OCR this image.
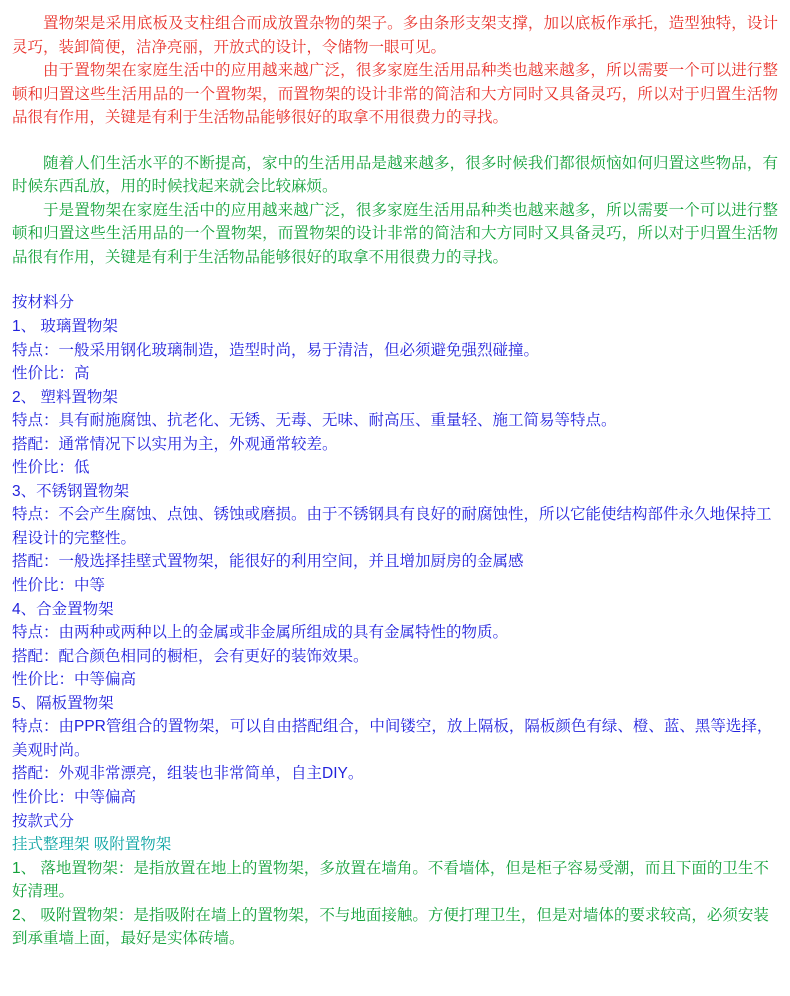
置物架是采用底板及支柱组合而成放置杂物的架子。多由条形支架支撑，加以底板作承托，造型独特，设计灵巧，装卸简便，洁净亮丽，开放式的设计，令储物一眼可见。

由于置物架在家庭生活中的应用越来越广泛，很多家庭生活用品种类也越来越多，所以需要一个可以进行整顿和归置这些生活用品的一个置物架，而置物架的设计非常的简洁和大方同时又具备灵巧，所以对于归置生活物品很有作用，关键是有利于生活物品能够很好的取拿不用很费力的寻找。

随着人们生活水平的不断提高，家中的生活用品是越来越多，很多时候我们都很烦恼如何归置这些物品，有时候东西乱放，用的时候找起来就会比较麻烦。

于是置物架在家庭生活中的应用越来越广泛，很多家庭生活用品种类也越来越多，所以需要一个可以进行整顿和归置这些生活用品的一个置物架，而置物架的设计非常的简洁和大方同时又具备灵巧，所以对于归置生活物品很有作用，关键是有利于生活物品能够很好的取拿不用很费力的寻找。

按材料分

1、 玻璃置物架

特点：一般采用钢化玻璃制造，造型时尚，易于清洁，但必须避免强烈碰撞。

性价比：高

2、 塑料置物架

特点：具有耐施腐蚀、抗老化、无锈、无毒、无味、耐高压、重量轻、施工简易等特点。

搭配：通常情况下以实用为主，外观通常较差。

性价比：低

3、不锈钢置物架

特点：不会产生腐蚀、点蚀、锈蚀或磨损。由于不锈钢具有良好的耐腐蚀性，所以它能使结构部件永久地保持工程设计的完整性。

搭配：一般选择挂壁式置物架，能很好的利用空间，并且增加厨房的金属感

性价比：中等

4、合金置物架

特点：由两种或两种以上的金属或非金属所组成的具有金属特性的物质。

搭配：配合颜色相同的橱柜，会有更好的装饰效果。

性价比：中等偏高

5、隔板置物架

特点：由PPR管组合的置物架，可以自由搭配组合，中间镂空，放上隔板，隔板颜色有绿、橙、蓝、黑等选择，美观时尚。

搭配：外观非常漂亮，组装也非常简单，自主DIY。

性价比：中等偏高

按款式分

挂式整理架 吸附置物架

1、 落地置物架：是指放置在地上的置物架，多放置在墙角。不看墙体，但是柜子容易受潮，而且下面的卫生不好清理。

2、 吸附置物架：是指吸附在墙上的置物架，不与地面接触。方便打理卫生，但是对墙体的要求较高，必须安装到承重墙上面，最好是实体砖墙。
